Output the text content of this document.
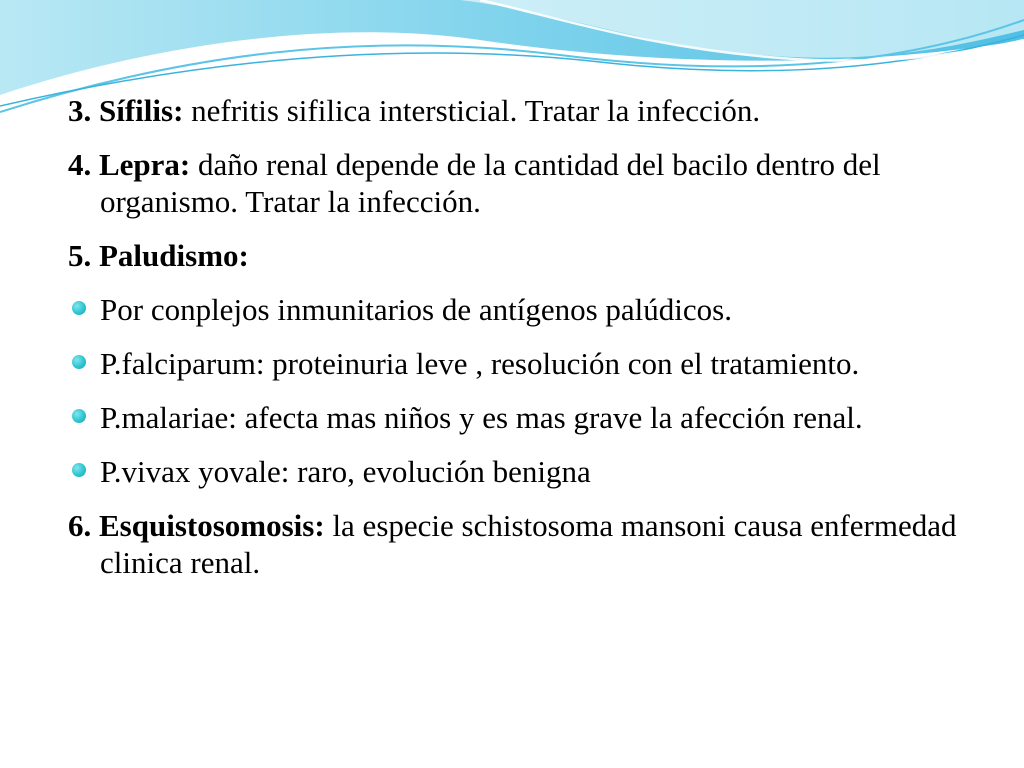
3. Sífilis: nefritis sifilica intersticial. Tratar la infección.

4. Lepra: daño renal depende de la cantidad del bacilo dentro del organismo. Tratar la infección.

5. Paludismo:

Por conplejos inmunitarios de antígenos palúdicos.

P.falciparum: proteinuria leve , resolución con el tratamiento.

P.malariae: afecta mas niños y es mas grave la afección renal.

P.vivax yovale: raro, evolución benigna

6. Esquistosomosis: la especie schistosoma mansoni causa enfermedad clinica renal.
